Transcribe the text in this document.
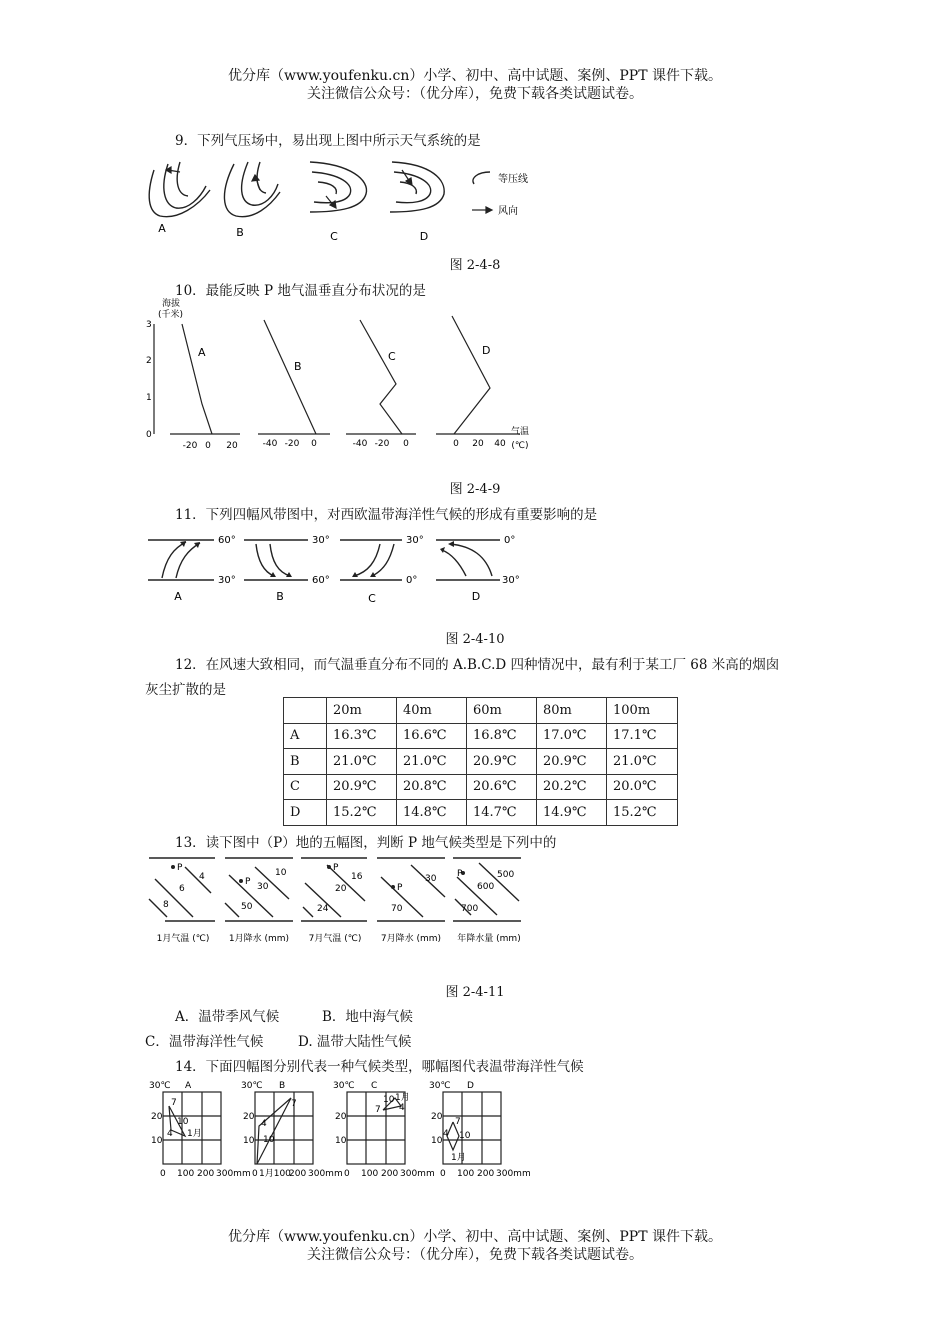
优分库（www.youfenku.cn）小学、初中、高中试题、案例、PPT 课件下载。
关注微信公众号：（优分库），免费下载各类试题试卷。
9．下列气压场中，易出现上图中所示天气系统的是
A	B	C	D
等压线
风向
图 2-4-8
10．最能反映 P 地气温垂直分布状况的是
海拔
(千米)
3
2
1
0
A
B
C	D
-20 0 20	-40 -20 0	-40 -20 0	0 20 40
气温
(℃)
图 2-4-9
11．下列四幅风带图中，对西欧温带海洋性气候的形成有重要影响的是
60°
30°
30°
60°
30°
0°
0°
30°
A	B	C	D
图 2-4-10
12．在风速大致相同，而气温垂直分布不同的 A.B.C.D 四种情况中，最有利于某工厂 68 米高的烟囱
灰尘扩散的是
	20m	40m	60m	80m	100m
A	16.3℃	16.6℃	16.8℃	17.0℃	17.1℃
B	21.0℃	21.0℃	20.9℃	20.9℃	21.0℃
C	20.9℃	20.8℃	20.6℃	20.2℃	20.0℃
D	15.2℃	14.8℃	14.7℃	14.9℃	15.2℃
13．读下图中（P）地的五幅图，判断 P 地气候类型是下列中的
P
4
6
8
P
10
30
50
P
16
20
24
P
30
70
P	500
600
700
1月气温 (℃) 1月降水 (mm) 7月气温 (℃) 7月降水 (mm) 年降水量 (mm)
图 2-4-11
A．温带季风气候	B．地中海气候
C．温带海洋性气候	D. 温带大陆性气候
14．下面四幅图分别代表一种气候类型，哪幅图代表温带海洋性气候
30℃ A	30℃ B	30℃ C	30℃ D
20
10
20
10
20
10
20
10
7
10
4 1月
7
4
10
7
10
4
1月
7
4 10
1月
0 100 200 300mm 0 1月100
200 300mm 0 100 200 300mm 0 100 200 300mm
优分库（www.youfenku.cn）小学、初中、高中试题、案例、PPT 课件下载。
关注微信公众号：（优分库），免费下载各类试题试卷。
